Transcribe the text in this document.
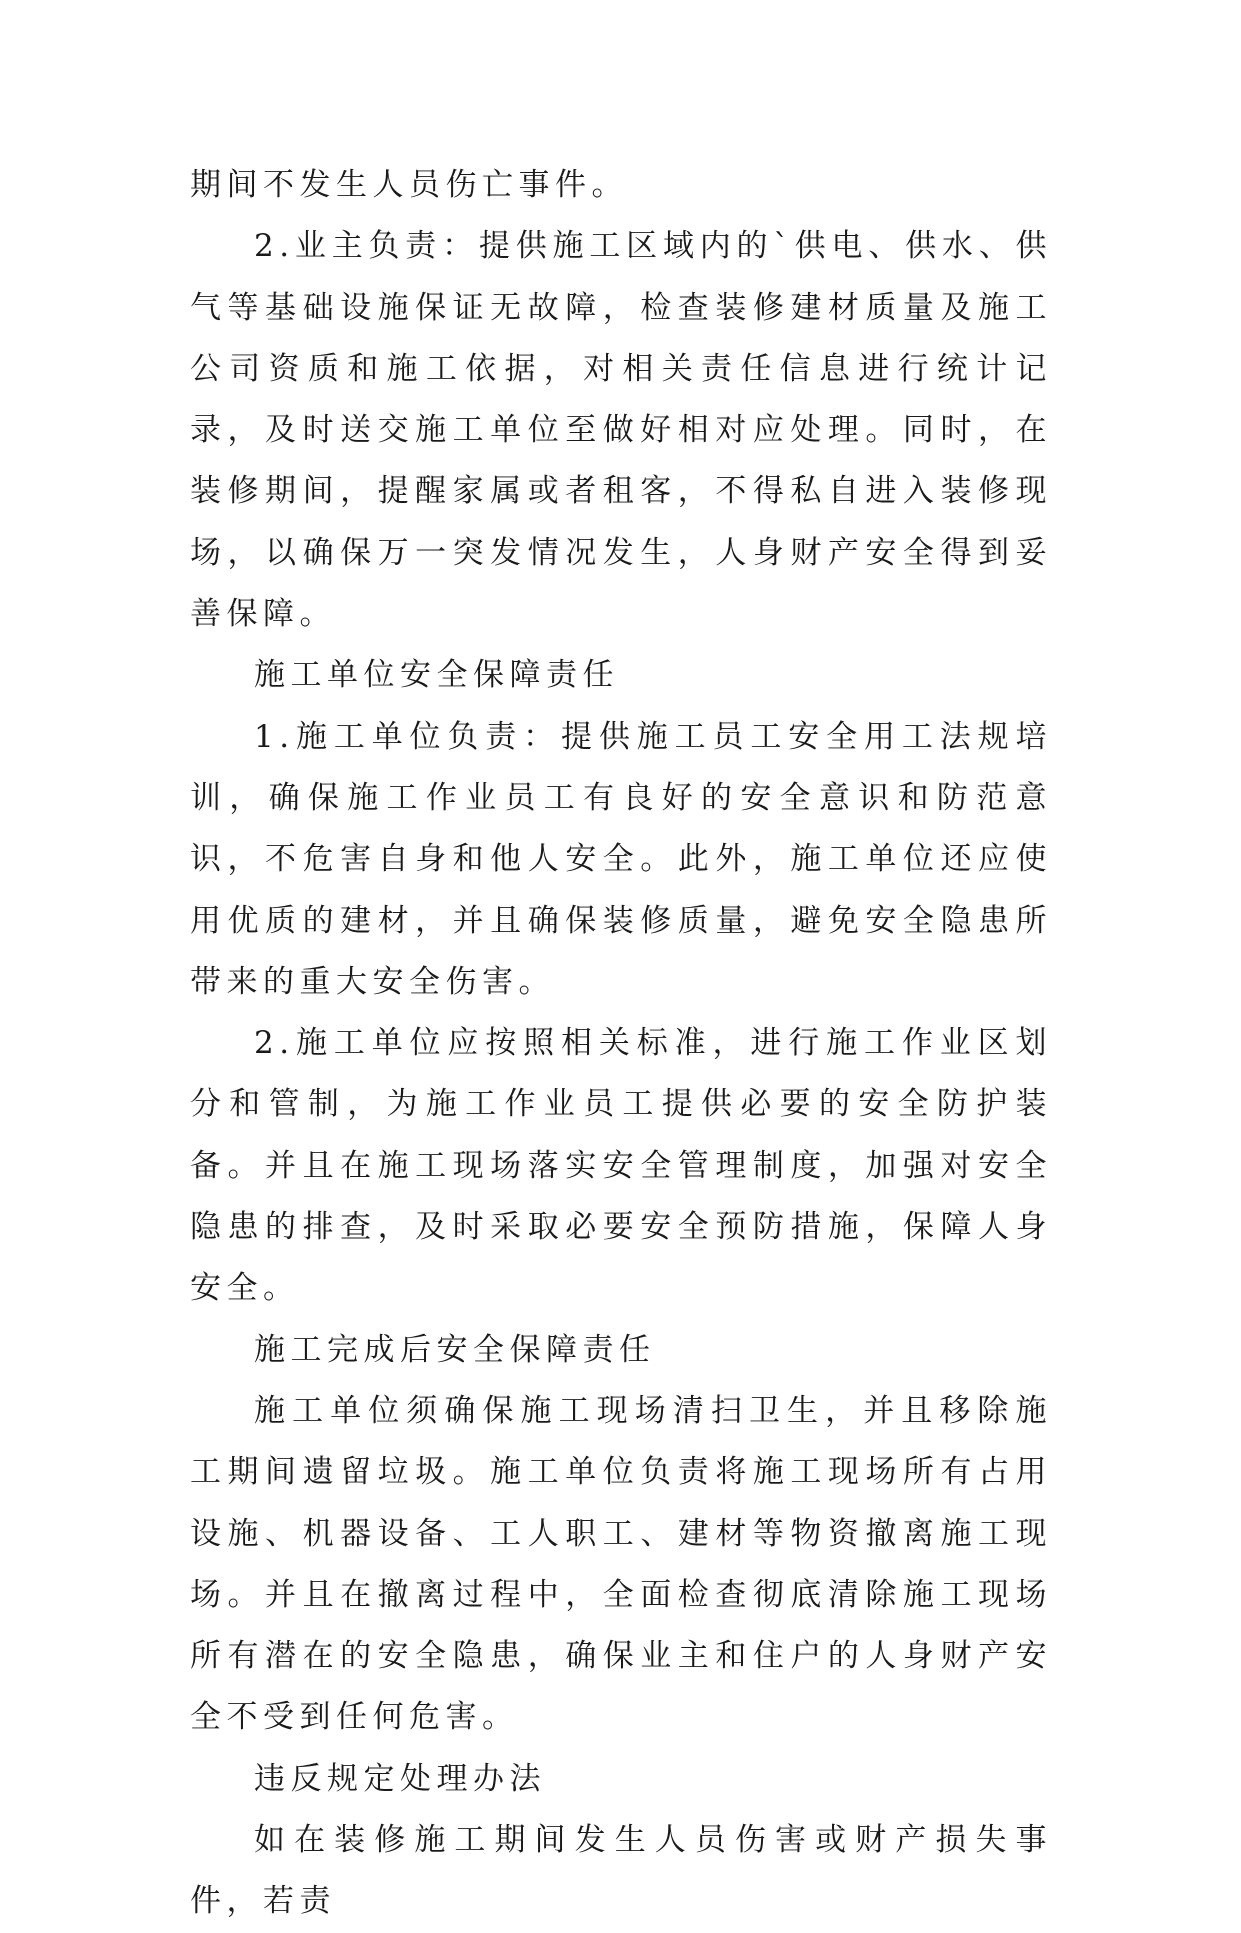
期间不发生人员伤亡事件。

2.业主负责：提供施工区域内的`供电、供水、供气等基础设施保证无故障，检查装修建材质量及施工公司资质和施工依据，对相关责任信息进行统计记录，及时送交施工单位至做好相对应处理。同时，在装修期间，提醒家属或者租客，不得私自进入装修现场，以确保万一突发情况发生，人身财产安全得到妥善保障。

施工单位安全保障责任

1.施工单位负责：提供施工员工安全用工法规培训，确保施工作业员工有良好的安全意识和防范意识，不危害自身和他人安全。此外，施工单位还应使用优质的建材，并且确保装修质量，避免安全隐患所带来的重大安全伤害。

2.施工单位应按照相关标准，进行施工作业区划分和管制，为施工作业员工提供必要的安全防护装备。并且在施工现场落实安全管理制度，加强对安全隐患的排查，及时采取必要安全预防措施，保障人身安全。

施工完成后安全保障责任

施工单位须确保施工现场清扫卫生，并且移除施工期间遗留垃圾。施工单位负责将施工现场所有占用设施、机器设备、工人职工、建材等物资撤离施工现场。并且在撤离过程中，全面检查彻底清除施工现场所有潜在的安全隐患，确保业主和住户的人身财产安全不受到任何危害。

违反规定处理办法

如在装修施工期间发生人员伤害或财产损失事件，若责
